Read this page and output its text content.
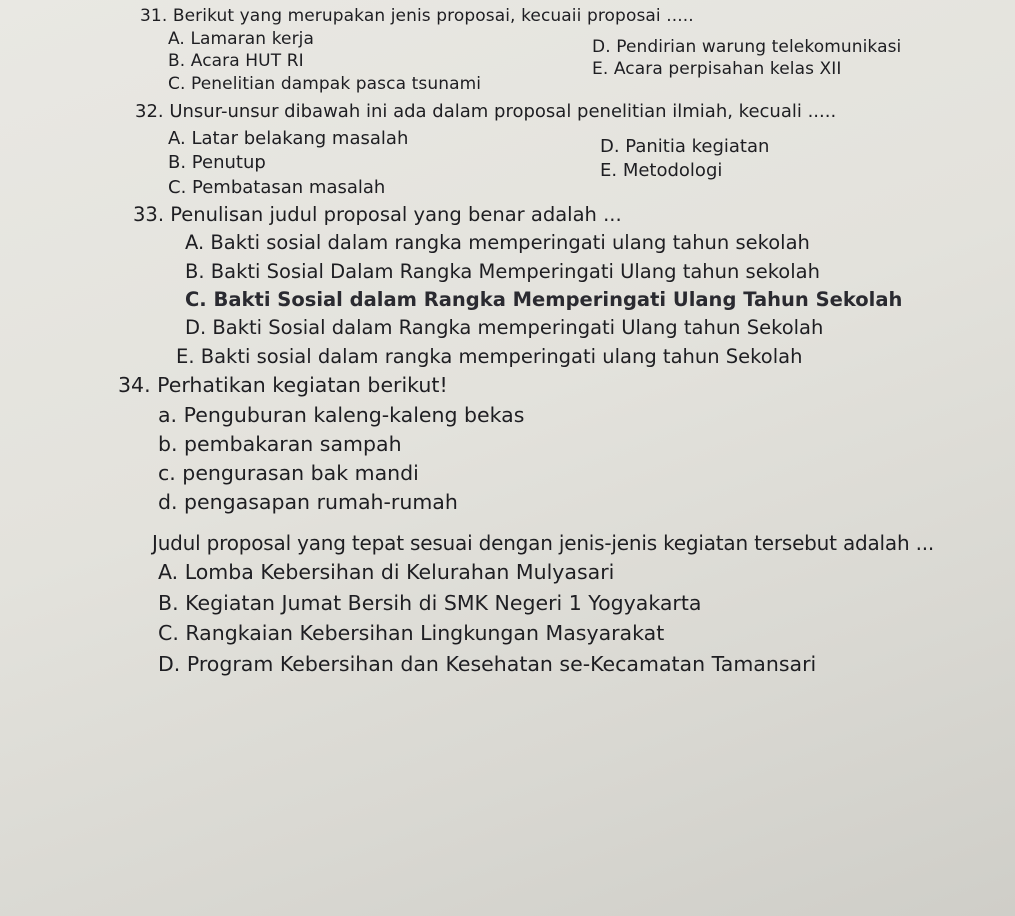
31. Berikut yang merupakan jenis proposai, kecuaii proposai .....
A. Lamaran kerja
B. Acara HUT RI
C. Penelitian dampak pasca tsunami
D. Pendirian warung telekomunikasi
E. Acara perpisahan kelas XII
32. Unsur-unsur dibawah ini ada dalam proposal penelitian ilmiah, kecuali .....
A. Latar belakang masalah
B. Penutup
C. Pembatasan masalah
D. Panitia kegiatan
E. Metodologi
33. Penulisan judul proposal yang benar adalah ...
A. Bakti sosial dalam rangka memperingati ulang tahun sekolah
B. Bakti Sosial Dalam Rangka Memperingati Ulang tahun sekolah
C. Bakti Sosial dalam Rangka Memperingati Ulang Tahun Sekolah
D. Bakti Sosial dalam Rangka memperingati Ulang tahun Sekolah
E. Bakti sosial dalam rangka memperingati ulang tahun Sekolah
34. Perhatikan kegiatan berikut!
a. Penguburan kaleng-kaleng bekas
b. pembakaran sampah
c. pengurasan bak mandi
d. pengasapan rumah-rumah
Judul proposal yang tepat sesuai dengan jenis-jenis kegiatan tersebut adalah ...
A. Lomba Kebersihan di Kelurahan Mulyasari
B. Kegiatan Jumat Bersih di SMK Negeri 1 Yogyakarta
C. Rangkaian Kebersihan Lingkungan Masyarakat
D. Program Kebersihan dan Kesehatan se-Kecamatan Tamansari
